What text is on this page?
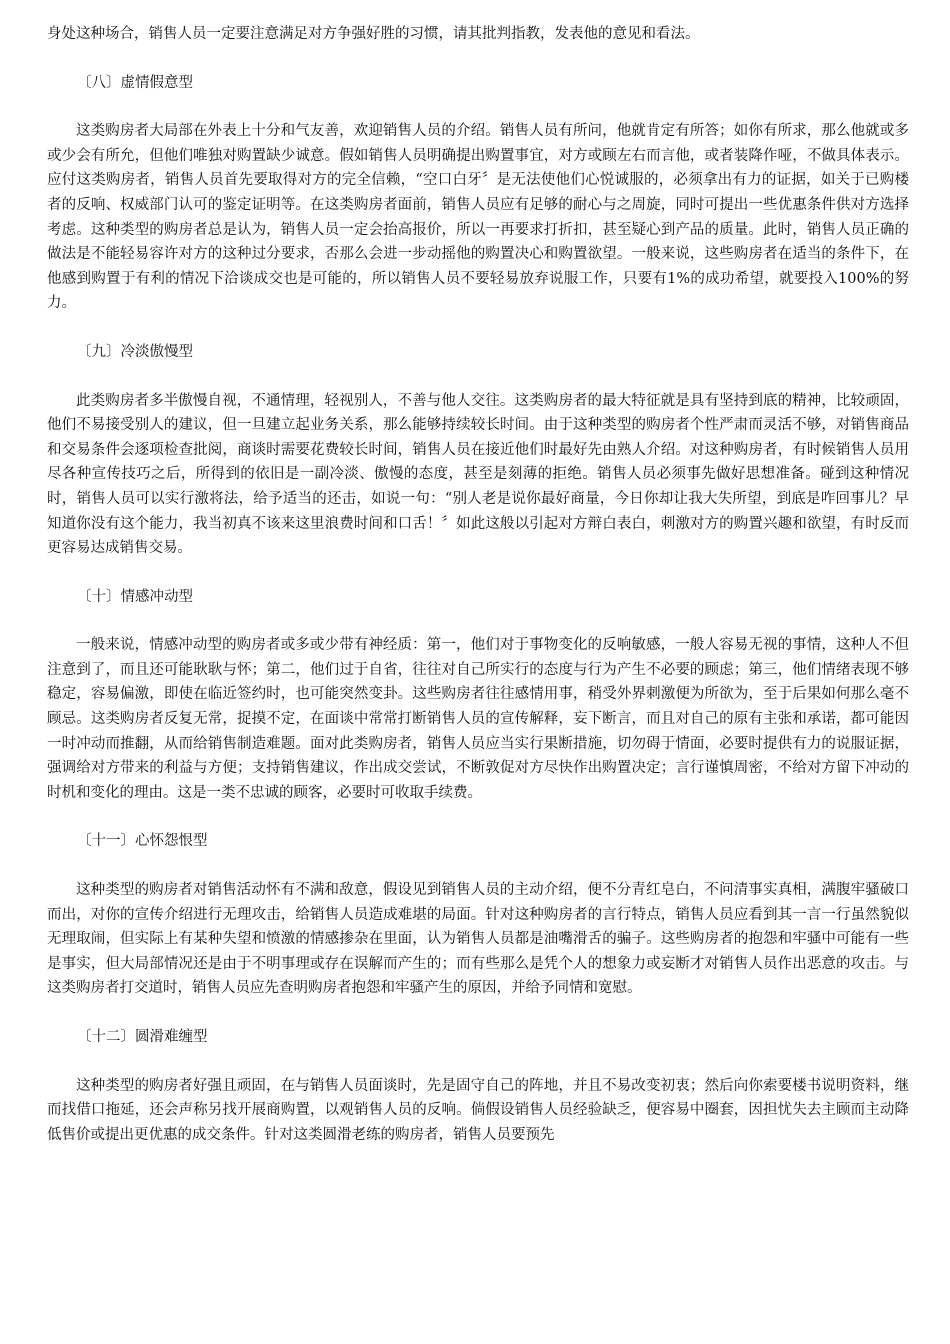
身处这种场合，销售人员一定要注意满足对方争强好胜的习惯，请其批判指教，发表他的意见和看法。

〔八〕虚情假意型

这类购房者大局部在外表上十分和气友善，欢迎销售人员的介绍。销售人员有所问，他就肯定有所答；如你有所求，那么他就或多或少会有所允，但他们唯独对购置缺少诚意。假如销售人员明确提出购置事宜，对方或顾左右而言他，或者装降作哑，不做具体表示。应付这类购房者，销售人员首先要取得对方的完全信赖，“空口白牙〞是无法使他们心悦诚服的，必须拿出有力的证据，如关于已购楼者的反响、权威部门认可的鉴定证明等。在这类购房者面前，销售人员应有足够的耐心与之周旋，同时可提出一些优惠条件供对方选择考虑。这种类型的购房者总是认为，销售人员一定会抬高报价，所以一再要求打折扣，甚至疑心到产品的质量。此时，销售人员正确的做法是不能轻易容许对方的这种过分要求，否那么会进一步动摇他的购置决心和购置欲望。一般来说，这些购房者在适当的条件下，在他感到购置于有利的情况下洽谈成交也是可能的，所以销售人员不要轻易放弃说服工作，只要有1%的成功希望，就要投入100%的努力。

〔九〕冷淡傲慢型

此类购房者多半傲慢自视，不通情理，轻视别人，不善与他人交往。这类购房者的最大特征就是具有坚持到底的精神，比较顽固，他们不易接受别人的建议，但一旦建立起业务关系，那么能够持续较长时间。由于这种类型的购房者个性严肃而灵活不够，对销售商品和交易条件会逐项检查批阅，商谈时需要花费较长时间，销售人员在接近他们时最好先由熟人介绍。对这种购房者，有时候销售人员用尽各种宣传技巧之后，所得到的依旧是一副冷淡、傲慢的态度，甚至是刻薄的拒绝。销售人员必须事先做好思想准备。碰到这种情况时，销售人员可以实行激将法，给予适当的还击，如说一句：“别人老是说你最好商量，今日你却让我大失所望，到底是咋回事儿？早知道你没有这个能力，我当初真不该来这里浪费时间和口舌！〞如此这般以引起对方辩白表白，刺激对方的购置兴趣和欲望，有时反而更容易达成销售交易。

〔十〕情感冲动型

一般来说，情感冲动型的购房者或多或少带有神经质：第一，他们对于事物变化的反响敏感，一般人容易无视的事情，这种人不但注意到了，而且还可能耿耿与怀；第二，他们过于自省，往往对自己所实行的态度与行为产生不必要的顾虑；第三，他们情绪表现不够稳定，容易偏激，即使在临近签约时，也可能突然变卦。这些购房者往往感情用事，稍受外界刺激便为所欲为，至于后果如何那么毫不顾忌。这类购房者反复无常，捉摸不定，在面谈中常常打断销售人员的宣传解释，妄下断言，而且对自己的原有主张和承诺，都可能因一时冲动而推翻，从而给销售制造难题。面对此类购房者，销售人员应当实行果断措施，切勿碍于情面，必要时提供有力的说服证据，强调给对方带来的利益与方便；支持销售建议，作出成交尝试，不断敦促对方尽快作出购置决定；言行谨慎周密，不给对方留下冲动的时机和变化的理由。这是一类不忠诚的顾客，必要时可收取手续费。

〔十一〕心怀怨恨型

这种类型的购房者对销售活动怀有不满和敌意，假设见到销售人员的主动介绍，便不分青红皂白，不问清事实真相，满腹牢骚破口而出，对你的宣传介绍进行无理攻击，给销售人员造成难堪的局面。针对这种购房者的言行特点，销售人员应看到其一言一行虽然貌似无理取闹，但实际上有某种失望和愤激的情感掺杂在里面，认为销售人员都是油嘴滑舌的骗子。这些购房者的抱怨和牢骚中可能有一些是事实，但大局部情况还是由于不明事理或存在误解而产生的；而有些那么是凭个人的想象力或妄断才对销售人员作出恶意的攻击。与这类购房者打交道时，销售人员应先查明购房者抱怨和牢骚产生的原因，并给予同情和宽慰。

〔十二〕圆滑难缠型

这种类型的购房者好强且顽固，在与销售人员面谈时，先是固守自己的阵地，并且不易改变初衷；然后向你索要楼书说明资料，继而找借口拖延，还会声称另找开展商购置，以观销售人员的反响。倘假设销售人员经验缺乏，便容易中圈套，因担忧失去主顾而主动降低售价或提出更优惠的成交条件。针对这类圆滑老练的购房者，销售人员要预先
